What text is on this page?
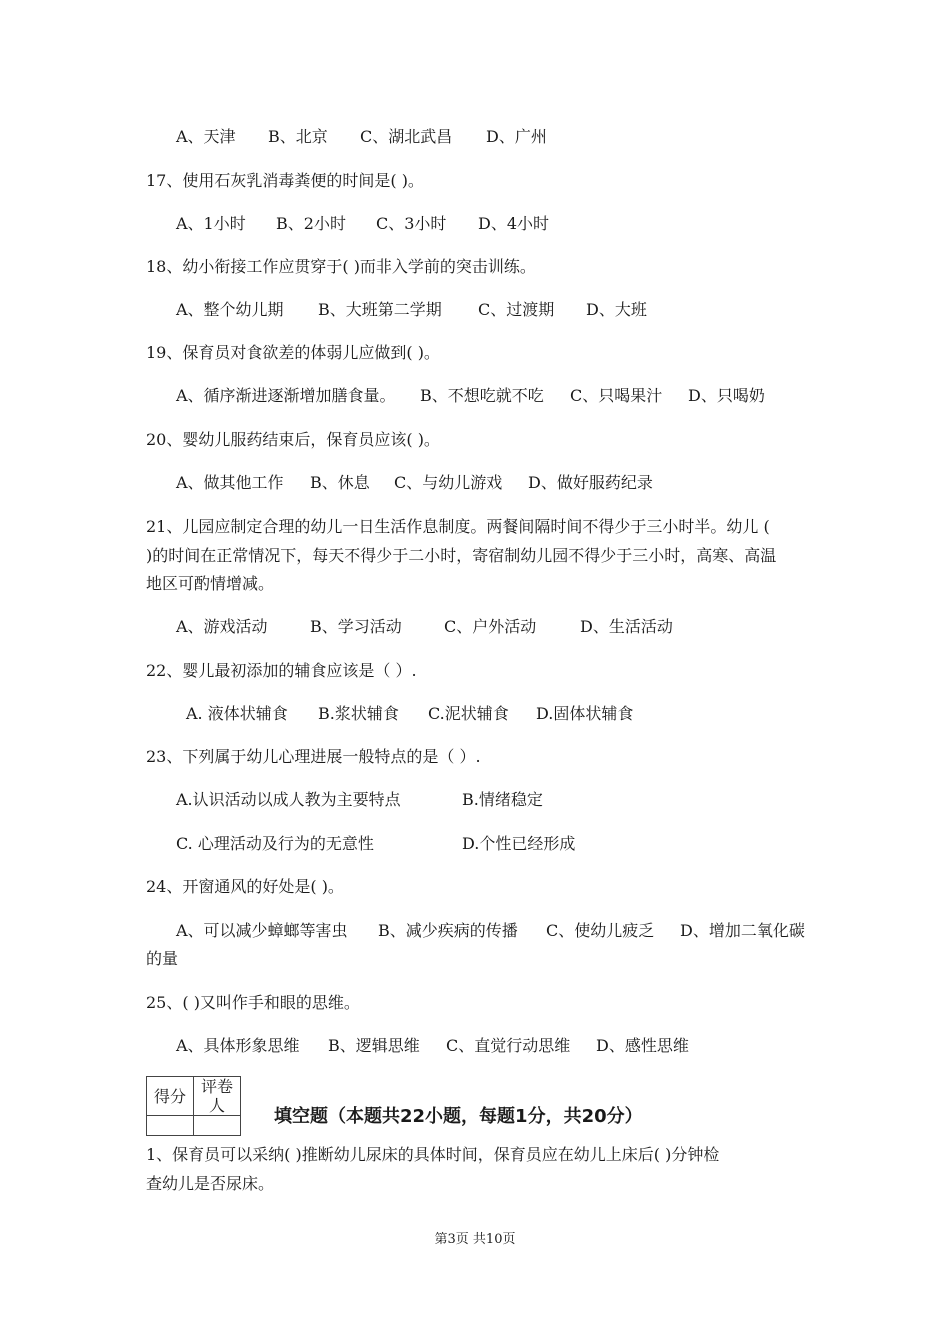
A、天津 B、北京 C、湖北武昌 D、广州
17、使用石灰乳消毒粪便的时间是( )。
A、1小时 B、2小时 C、3小时 D、4小时
18、幼小衔接工作应贯穿于( )而非入学前的突击训练。
A、整个幼儿期 B、大班第二学期 C、过渡期 D、大班
19、保育员对食欲差的体弱儿应做到( )。
A、循序渐进逐渐增加膳食量。 B、不想吃就不吃 C、只喝果汁 D、只喝奶
20、婴幼儿服药结束后，保育员应该( )。
A、做其他工作 B、休息 C、与幼儿游戏 D、做好服药纪录
21、儿园应制定合理的幼儿一日生活作息制度。两餐间隔时间不得少于三小时半。幼儿 (
)的时间在正常情况下，每天不得少于二小时，寄宿制幼儿园不得少于三小时，高寒、高温
地区可酌情增减。
A、游戏活动	B、学习活动	C、户外活动	D、生活活动
22、婴儿最初添加的辅食应该是（ ）.
A. 液体状辅食 B.浆状辅食 C.泥状辅食 D.固体状辅食
23、下列属于幼儿心理进展一般特点的是（ ）.
A.认识活动以成人教为主要特点	B.情绪稳定
C. 心理活动及行为的无意性	D.个性已经形成
24、开窗通风的好处是( )。
A、可以减少蟑螂等害虫 B、减少疾病的传播 C、使幼儿疲乏 D、增加二氧化碳
的量
25、( )又叫作手和眼的思维。
A、具体形象思维 B、逻辑思维 C、直觉行动思维 D、感性思维
得分	评卷人

填空题（本题共22小题，每题1分，共20分）
1、保育员可以采纳( )推断幼儿尿床的具体时间，保育员应在幼儿上床后( )分钟检
查幼儿是否尿床。
第3页 共10页
